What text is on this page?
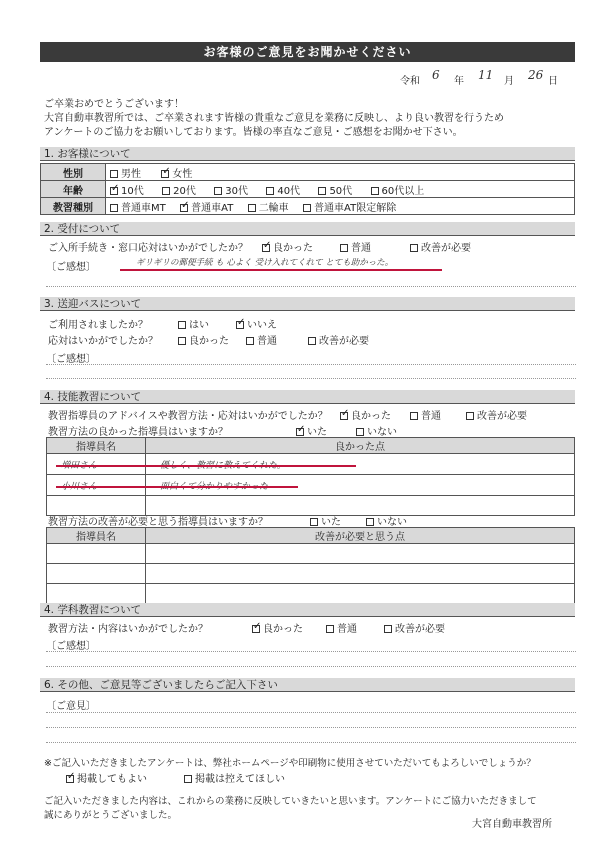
お客様のご意見をお聞かせください
令和 6 年 11 月 26 日
ご卒業おめでとうございます！
大宮自動車教習所では、ご卒業されます皆様の貴重なご意見を業務に反映し、より良い教習を行うため
アンケートのご協力をお願いしております。皆様の率直なご意見・ご感想をお聞かせ下さい。
1. お客様について
性別	男性 ✓ 女性
年齢	✓10代 20代 30代 40代 50代 60代以上
教習種別	普通車MT ✓ 普通車AT 二輪車 普通車AT限定解除
2. 受付について
ご入所手続き・窓口応対はいかがでしたか？ ✓	良かった	普通	改善が必要
〔ご感想〕	ギリギリの郵便手続 も 心よく 受け入れてくれて とても助かった。
3. 送迎バスについて
ご利用されましたか？	はい ✓	いいえ
応対はいかがでしたか？	良かった	普通	改善が必要
〔ご感想〕
4. 技能教習について
教習指導員のアドバイスや教習方法・応対はいかがでしたか？ ✓	良かった	普通	改善が必要
教習方法の良かった指導員はいますか？ ✓	いた	いない
指導員名	良かった点
増田さん	優しく、教習に教えてくれた。
小川さん	面白くて分かりやすかった

教習方法の改善が必要と思う指導員はいますか？	いた	いない
指導員名	改善が必要と思う点

4. 学科教習について
教習方法・内容はいかがでしたか？ ✓	良かった	普通	改善が必要
〔ご感想〕
6. その他、ご意見等ございましたらご記入下さい
〔ご意見〕
※ご記入いただきましたアンケートは、弊社ホームページや印刷物に使用させていただいてもよろしいでしょうか？
✓掲載してもよい	掲載は控えてほしい
ご記入いただきました内容は、これからの業務に反映していきたいと思います。アンケートにご協力いただきまして
誠にありがとうございました。
大宮自動車教習所
